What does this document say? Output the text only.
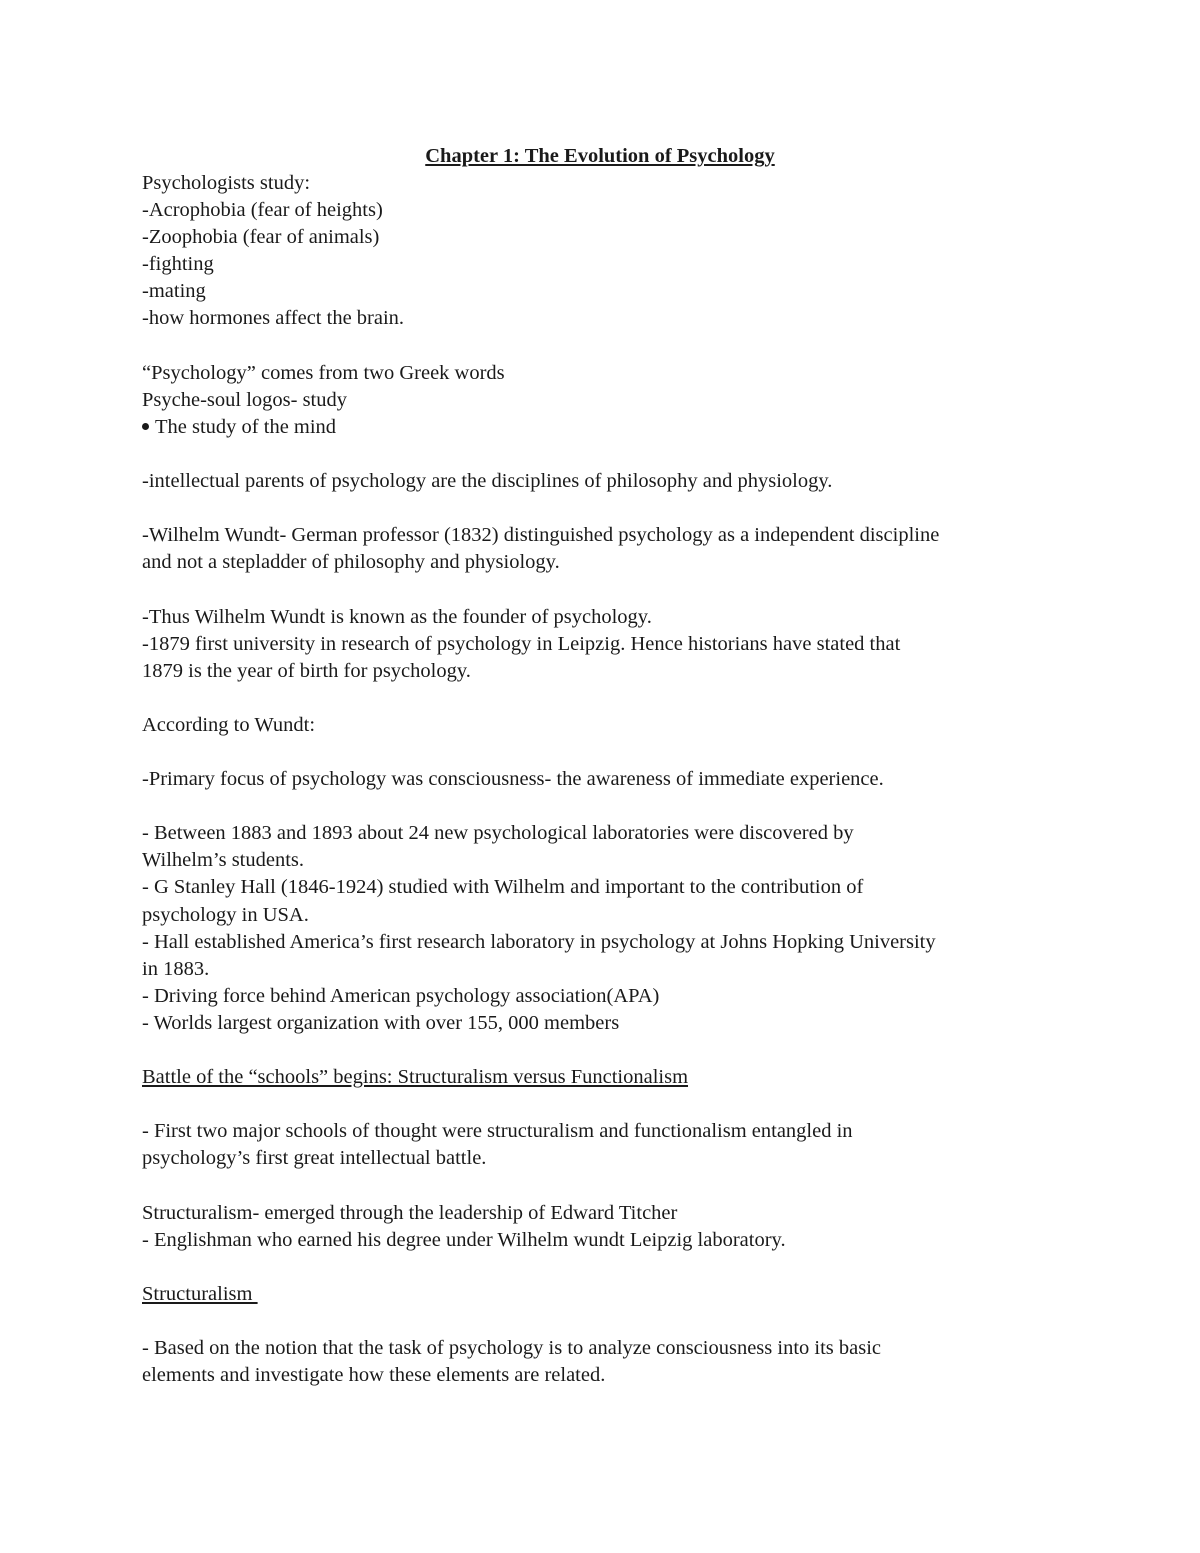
Chapter 1: The Evolution of Psychology
Psychologists study:
-Acrophobia (fear of heights)
-Zoophobia (fear of animals)
-fighting
-mating
-how hormones affect the brain.
“Psychology” comes from two Greek words
Psyche-soul logos- study
The study of the mind
-intellectual parents of psychology are the disciplines of philosophy and physiology.
-Wilhelm Wundt- German professor (1832) distinguished psychology as a independent discipline
and not a stepladder of philosophy and physiology.
-Thus Wilhelm Wundt is known as the founder of psychology.
-1879 first university in research of psychology in Leipzig. Hence historians have stated that
1879 is the year of birth for psychology.
According to Wundt:
-Primary focus of psychology was consciousness- the awareness of immediate experience.
- Between 1883 and 1893 about 24 new psychological laboratories were discovered by
Wilhelm’s students.
- G Stanley Hall (1846-1924) studied with Wilhelm and important to the contribution of
psychology in USA.
- Hall established America’s first research laboratory in psychology at Johns Hopking University
in 1883.
- Driving force behind American psychology association(APA)
- Worlds largest organization with over 155, 000 members
Battle of the “schools” begins: Structuralism versus Functionalism
- First two major schools of thought were structuralism and functionalism entangled in
psychology’s first great intellectual battle.
Structuralism- emerged through the leadership of Edward Titcher
- Englishman who earned his degree under Wilhelm wundt Leipzig laboratory.
Structuralism
- Based on the notion that the task of psychology is to analyze consciousness into its basic
elements and investigate how these elements are related.
